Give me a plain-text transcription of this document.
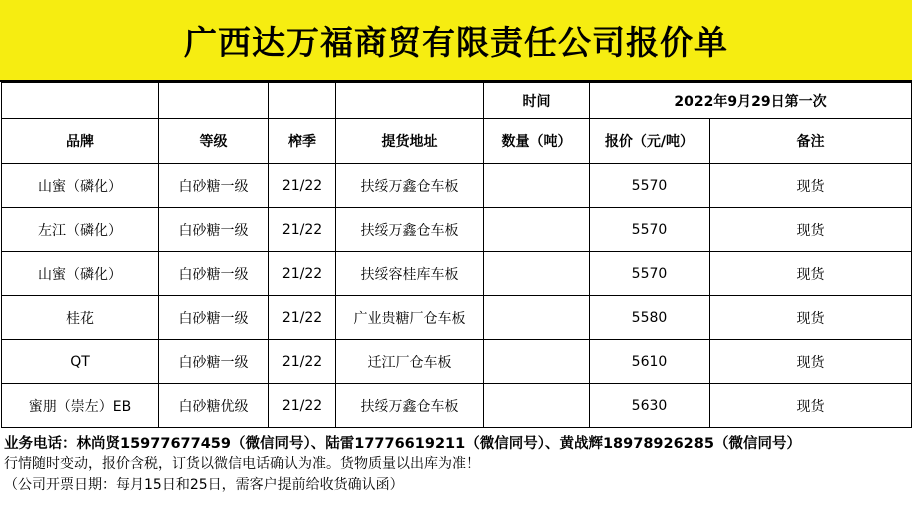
广西达万福商贸有限责任公司报价单
				时间	2022年9月29日第一次	
品牌	等级	榨季	提货地址	数量（吨）	报价（元/吨）	备注
山蜜（磷化）	白砂糖一级	21/22	扶绥万鑫仓车板		5570	现货
左江（磷化）	白砂糖一级	21/22	扶绥万鑫仓车板		5570	现货
山蜜（磷化）	白砂糖一级	21/22	扶绥容桂库车板		5570	现货
桂花	白砂糖一级	21/22	广业贵糖厂仓车板		5580	现货
QT	白砂糖一级	21/22	迁江厂仓车板		5610	现货
蜜朋（崇左）EB	白砂糖优级	21/22	扶绥万鑫仓车板		5630	现货
业务电话：林尚贤15977677459（微信同号）、陆雷17776619211（微信同号）、黄战辉18978926285（微信同号）
行情随时变动，报价含税，订货以微信电话确认为准。货物质量以出库为准！
（公司开票日期：每月15日和25日，需客户提前给收货确认函）
